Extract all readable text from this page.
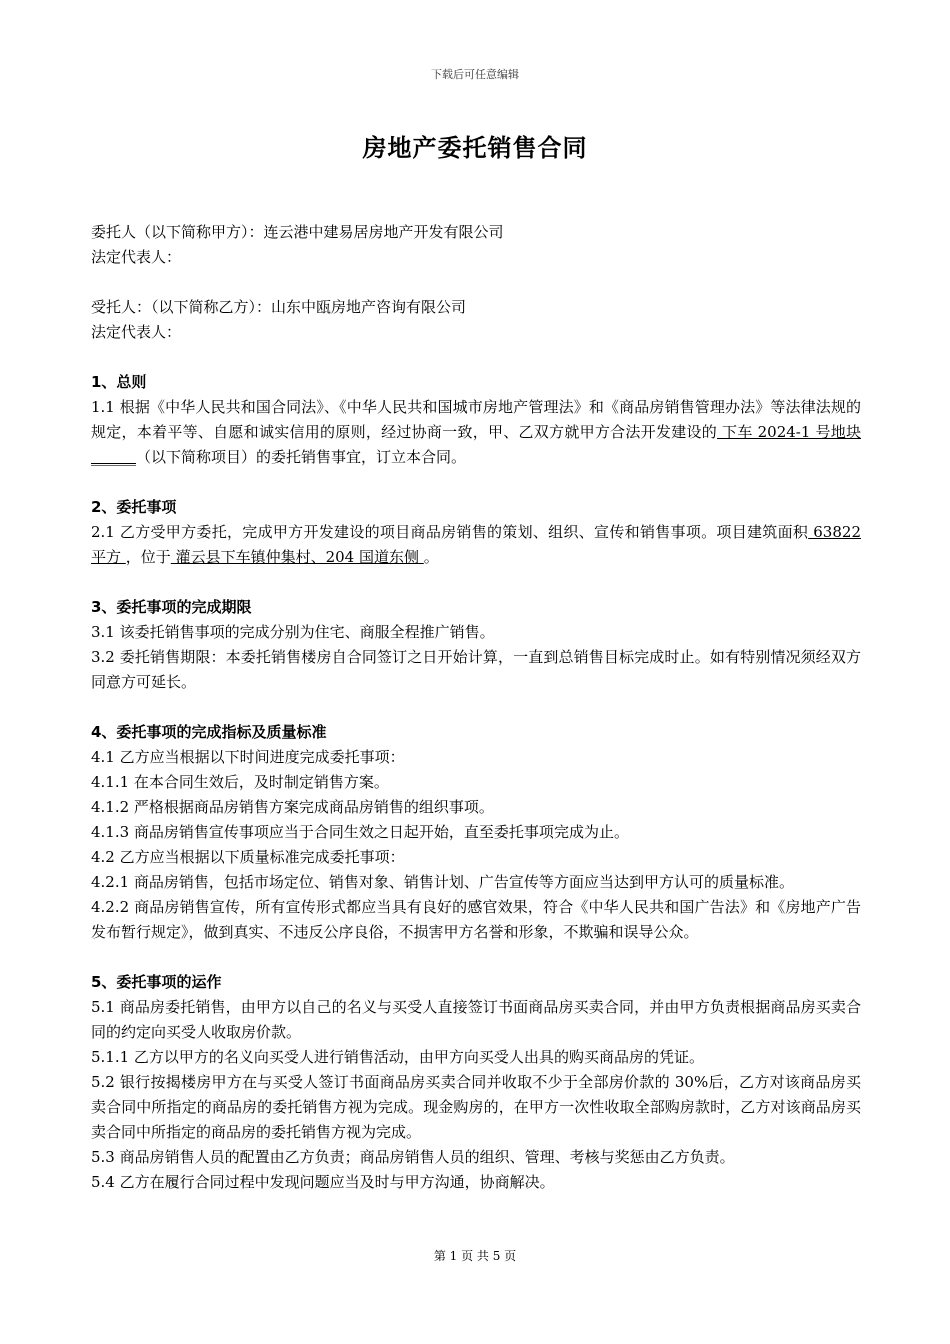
下载后可任意编辑
房地产委托销售合同

委托人（以下简称甲方）：连云港中建易居房地产开发有限公司

法定代表人：

受托人：（以下简称乙方）：山东中瓯房地产咨询有限公司

法定代表人：

1、总则

1.1 根据《中华人民共和国合同法》、《中华人民共和国城市房地产管理法》和《商品房销售管理办法》等法律法规的规定，本着平等、自愿和诚实信用的原则，经过协商一致，甲、乙双方就甲方合法开发建设的 下车 2024-1 号地块______（以下简称项目）的委托销售事宜，订立本合同。

2、委托事项

2.1 乙方受甲方委托，完成甲方开发建设的项目商品房销售的策划、组织、宣传和销售事项。项目建筑面积 63822 平方 ，位于 灌云县下车镇仲集村、204 国道东侧 。

3、委托事项的完成期限

3.1 该委托销售事项的完成分别为住宅、商服全程推广销售。

3.2 委托销售期限：本委托销售楼房自合同签订之日开始计算，一直到总销售目标完成时止。如有特别情况须经双方同意方可延长。

4、委托事项的完成指标及质量标准

4.1 乙方应当根据以下时间进度完成委托事项：

4.1.1 在本合同生效后，及时制定销售方案。

4.1.2 严格根据商品房销售方案完成商品房销售的组织事项。

4.1.3 商品房销售宣传事项应当于合同生效之日起开始，直至委托事项完成为止。

4.2 乙方应当根据以下质量标准完成委托事项：

4.2.1 商品房销售，包括市场定位、销售对象、销售计划、广告宣传等方面应当达到甲方认可的质量标准。

4.2.2 商品房销售宣传，所有宣传形式都应当具有良好的感官效果，符合《中华人民共和国广告法》和《房地产广告发布暂行规定》，做到真实、不违反公序良俗，不损害甲方名誉和形象，不欺骗和误导公众。

5、委托事项的运作

5.1 商品房委托销售，由甲方以自己的名义与买受人直接签订书面商品房买卖合同，并由甲方负责根据商品房买卖合同的约定向买受人收取房价款。

5.1.1 乙方以甲方的名义向买受人进行销售活动，由甲方向买受人出具的购买商品房的凭证。

5.2 银行按揭楼房甲方在与买受人签订书面商品房买卖合同并收取不少于全部房价款的 30%后，乙方对该商品房买卖合同中所指定的商品房的委托销售方视为完成。现金购房的，在甲方一次性收取全部购房款时，乙方对该商品房买卖合同中所指定的商品房的委托销售方视为完成。

5.3 商品房销售人员的配置由乙方负责；商品房销售人员的组织、管理、考核与奖惩由乙方负责。

5.4 乙方在履行合同过程中发现问题应当及时与甲方沟通，协商解决。

第 1 页 共 5 页
